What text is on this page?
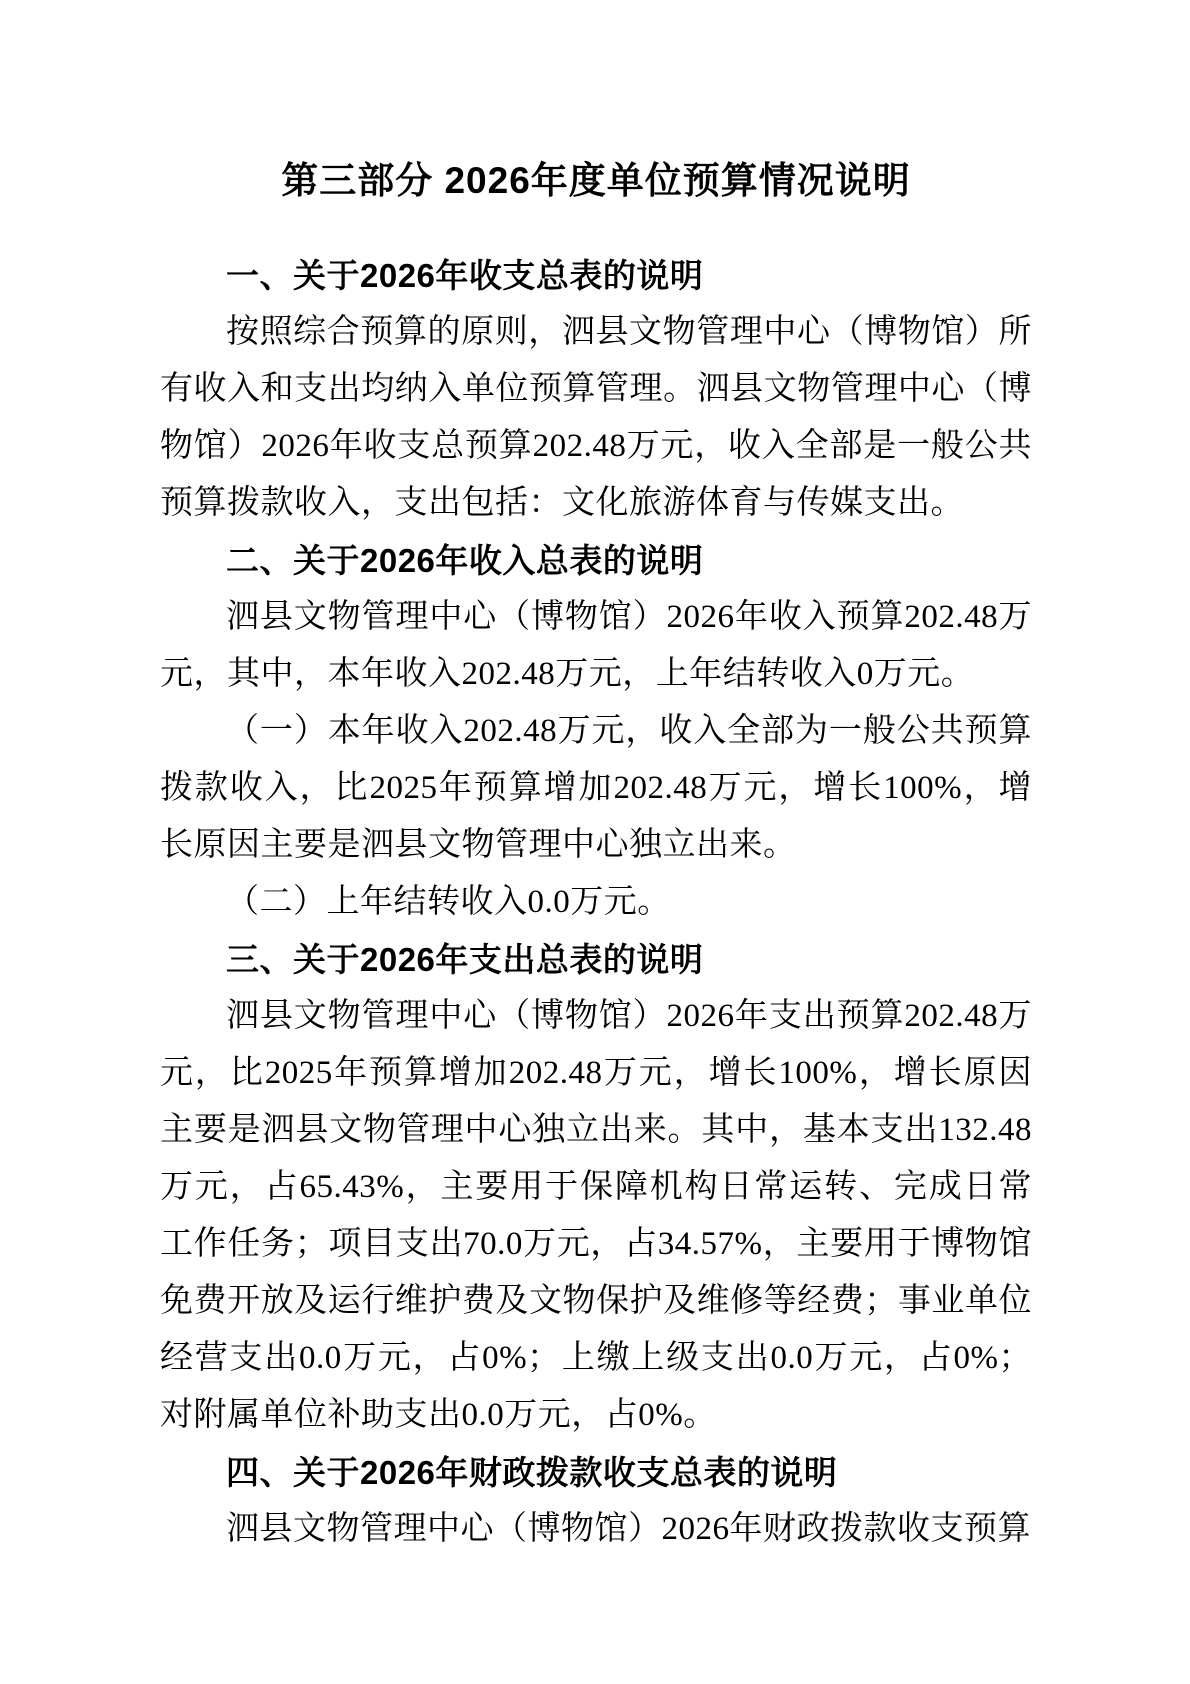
第三部分 2026年度单位预算情况说明
一、关于2026年收支总表的说明

按照综合预算的原则，泗县文物管理中心（博物馆）所有收入和支出均纳入单位预算管理。泗县文物管理中心（博物馆）2026年收支总预算202.48万元，收入全部是一般公共预算拨款收入，支出包括：文化旅游体育与传媒支出。

二、关于2026年收入总表的说明

泗县文物管理中心（博物馆）2026年收入预算202.48万元，其中，本年收入202.48万元，上年结转收入0万元。

（一）本年收入202.48万元，收入全部为一般公共预算拨款收入，比2025年预算增加202.48万元，增长100%，增长原因主要是泗县文物管理中心独立出来。

（二）上年结转收入0.0万元。

三、关于2026年支出总表的说明

泗县文物管理中心（博物馆）2026年支出预算202.48万元，比2025年预算增加202.48万元，增长100%，增长原因主要是泗县文物管理中心独立出来。其中，基本支出132.48万元，占65.43%，主要用于保障机构日常运转、完成日常工作任务；项目支出70.0万元，占34.57%，主要用于博物馆免费开放及运行维护费及文物保护及维修等经费；事业单位经营支出0.0万元，占0%；上缴上级支出0.0万元，占0%；对附属单位补助支出0.0万元，占0%。

四、关于2026年财政拨款收支总表的说明

泗县文物管理中心（博物馆）2026年财政拨款收支预算
